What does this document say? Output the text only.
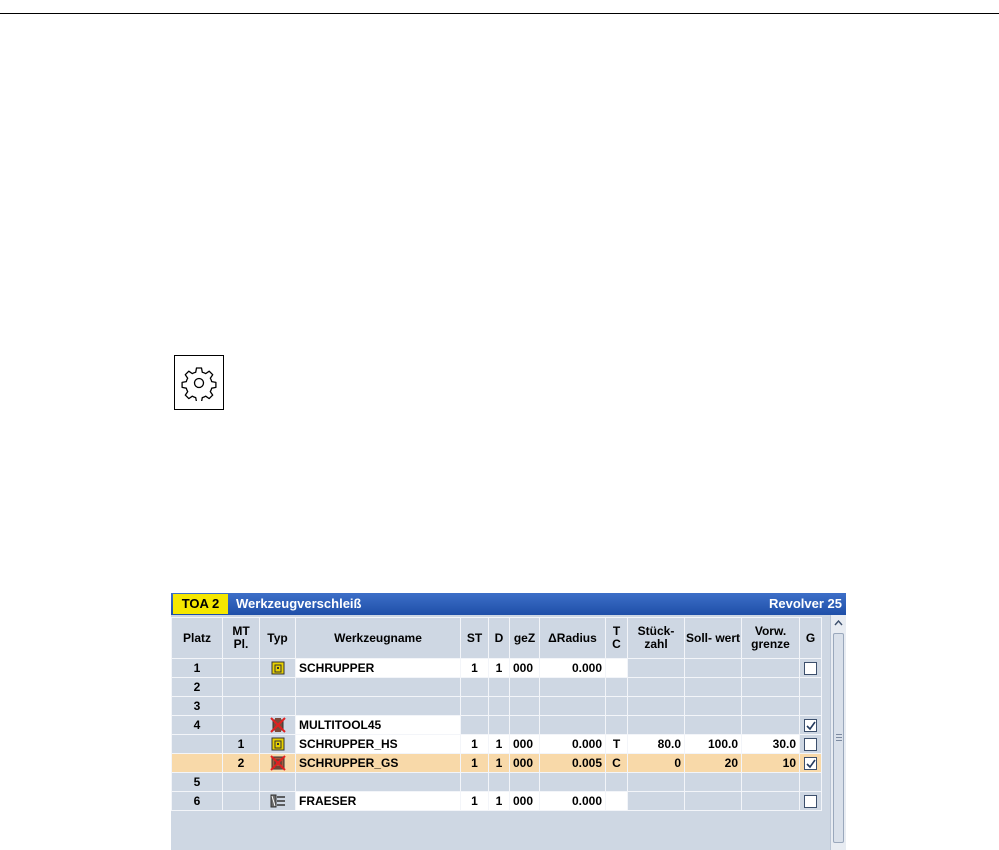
TOA 2	Werkzeugverschleiß	Revolver 25
Platz	MT Pl.	Typ	Werkzeugname	ST	D	geZ	ΔRadius	T C	Stück- zahl	Soll- wert	Vorw. grenze	G
1			SCHRUPPER	1	1	000	0.000					
2												
3												
4			MULTITOOL45									

	1		SCHRUPPER_HS	1	1	000	0.000	T	80.0	100.0	30.0	
	2		SCHRUPPER_GS	1	1	000	0.005	C	0	20	10	

5												
6			FRAESER	1	1	000	0.000					
